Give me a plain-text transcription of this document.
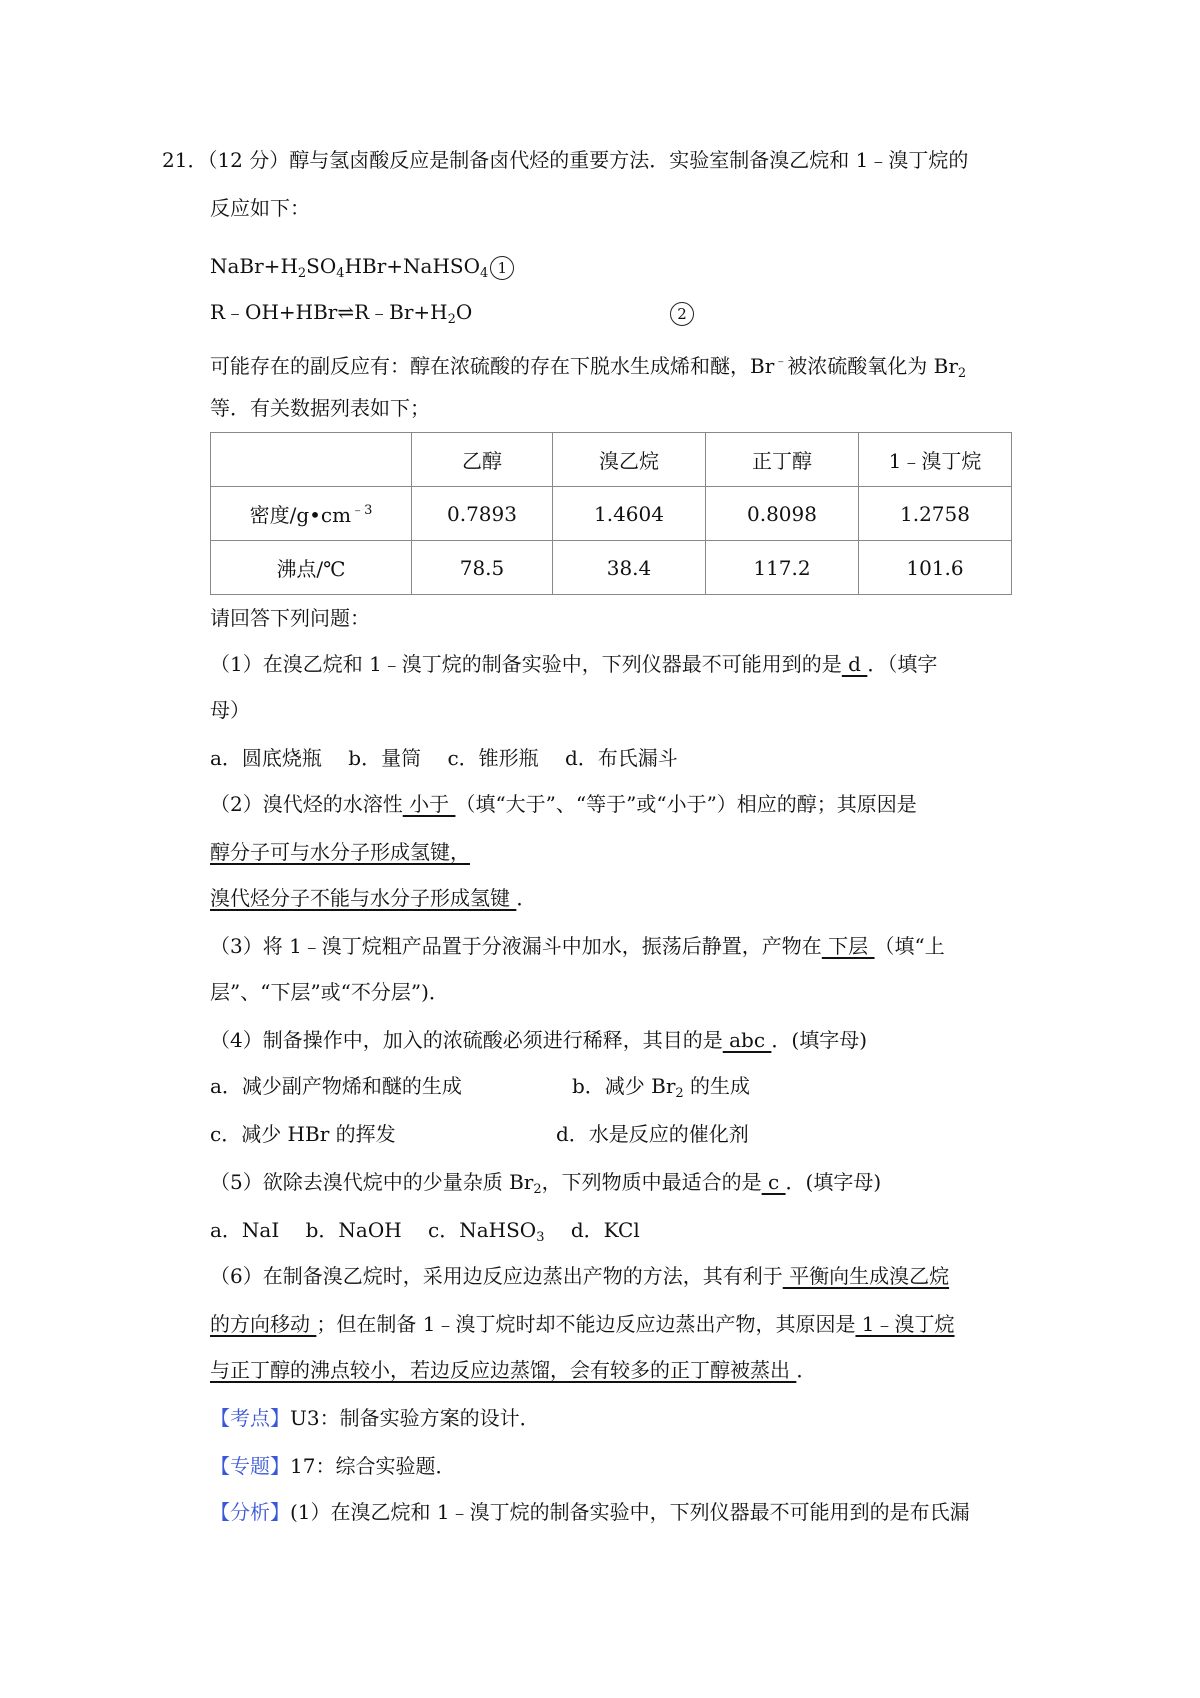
21．（12 分）醇与氢卤酸反应是制备卤代烃的重要方法．实验室制备溴乙烷和 1﹣溴丁烷的
反应如下：
$NaBr+H_2SO_4HBr+NaHSO_4$ 1
$R﹣OH+HBr\rightleftharpoons R﹣Br+H_2O$	2
可能存在的副反应有：醇在浓硫酸的存在下脱水生成烯和醚，Br﹣被浓硫酸氧化为 $Br_2$
等．有关数据列表如下；
	乙醇	溴乙烷	正丁醇	1﹣溴丁烷
密度$/g•cm^{﹣3}$	0.7893	1.4604	0.8098	1.2758
沸点/℃	78.5	38.4	117.2	101.6
请回答下列问题：
（1）在溴乙烷和 1﹣溴丁烷的制备实验中，下列仪器最不可能用到的是 d ．（填字
母）
a．圆底烧瓶　 b．量筒　 c．锥形瓶　 d．布氏漏斗
（2）溴代烃的水溶性 小于 （填“大于”、“等于”或“小于”）相应的醇；其原因是
醇分子可与水分子形成氢键，
溴代烃分子不能与水分子形成氢键 ．
（3）将 1﹣溴丁烷粗产品置于分液漏斗中加水，振荡后静置，产物在 下层 （填“上
层”、“下层”或“不分层”)．
（4）制备操作中，加入的浓硫酸必须进行稀释，其目的是 abc ．(填字母)
a．减少副产物烯和醚的生成	b．减少 $Br_2$ 的生成
c．减少 HBr 的挥发	d．水是反应的催化剂
（5）欲除去溴代烷中的少量杂质 $Br_2$，下列物质中最适合的是 c ．(填字母)
a．NaI　 b．NaOH　 c．NaHSO$_3$　 d．KCl
（6）在制备溴乙烷时，采用边反应边蒸出产物的方法，其有利于 平衡向生成溴乙烷
的方向移动 ；但在制备 1﹣溴丁烷时却不能边反应边蒸出产物，其原因是 1﹣溴丁烷
与正丁醇的沸点较小，若边反应边蒸馏，会有较多的正丁醇被蒸出 ．
【考点】U3：制备实验方案的设计．
【专题】17：综合实验题．
【分析】(1）在溴乙烷和 1﹣溴丁烷的制备实验中，下列仪器最不可能用到的是布氏漏
